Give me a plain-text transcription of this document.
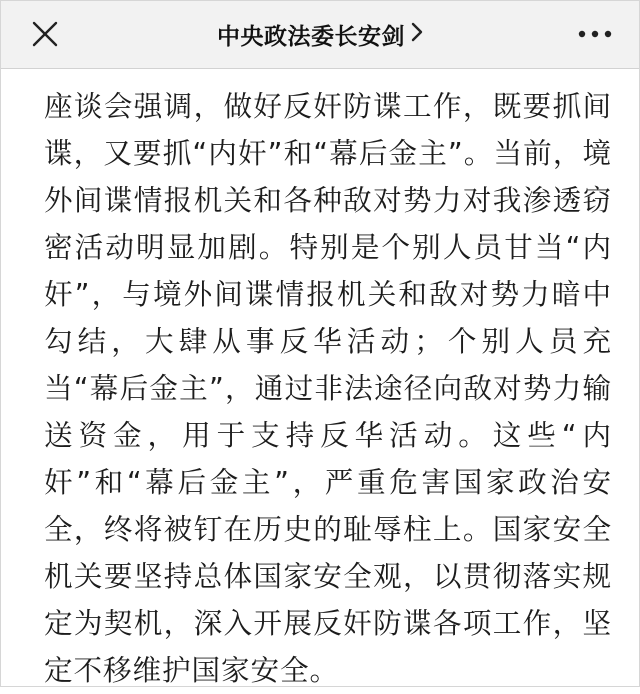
中央政法委长安剑

座谈会强调，做好反奸防谍工作，既要抓间谍，又要抓“内奸”和“幕后金主”。当前，境外间谍情报机关和各种敌对势力对我渗透窃密活动明显加剧。特别是个别人员甘当“内奸”，与境外间谍情报机关和敌对势力暗中勾结，大肆从事反华活动；个别人员充当“幕后金主”，通过非法途径向敌对势力输送资金，用于支持反华活动。这些“内奸”和“幕后金主”，严重危害国家政治安全，终将被钉在历史的耻辱柱上。国家安全机关要坚持总体国家安全观，以贯彻落实规定为契机，深入开展反奸防谍各项工作，坚定不移维护国家安全。
